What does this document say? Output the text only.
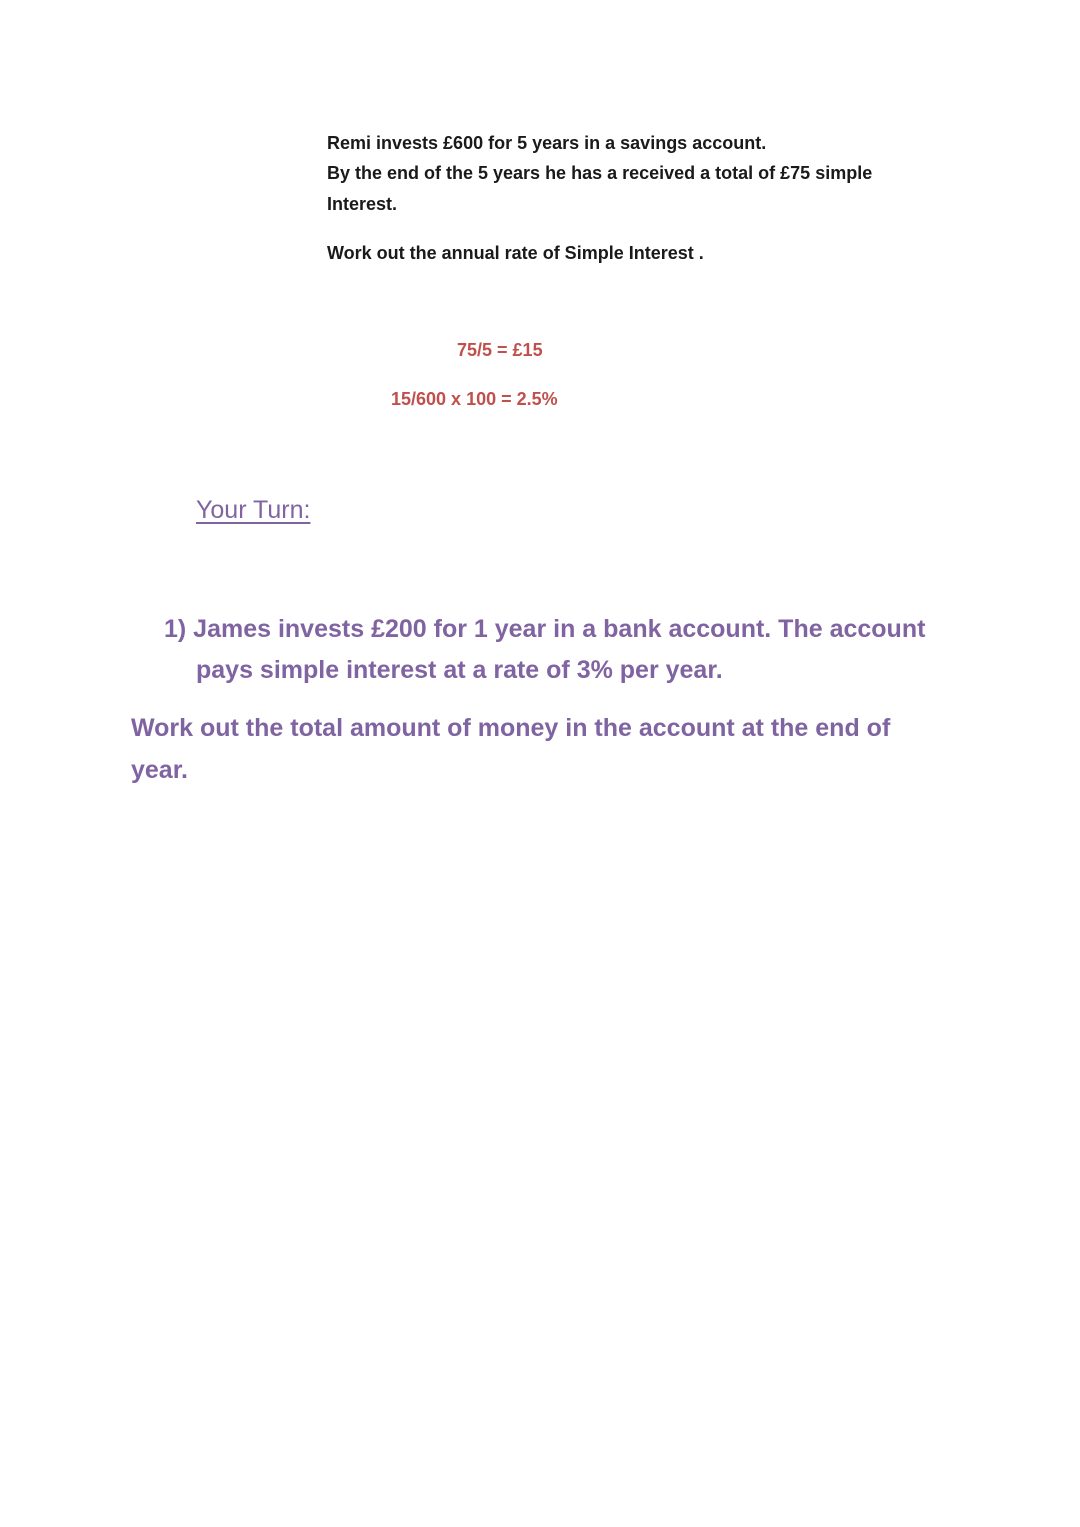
Remi invests £600 for 5 years in a savings account.
By the end of the 5 years he has a received a total of £75 simple
Interest.
Work out the annual rate of Simple Interest .
75/5 = £15
15/600 x 100 = 2.5%
Your Turn:
1) James invests £200 for 1 year in a bank account. The account
pays simple interest at a rate of 3% per year.
Work out the total amount of money in the account at the end of
year.
